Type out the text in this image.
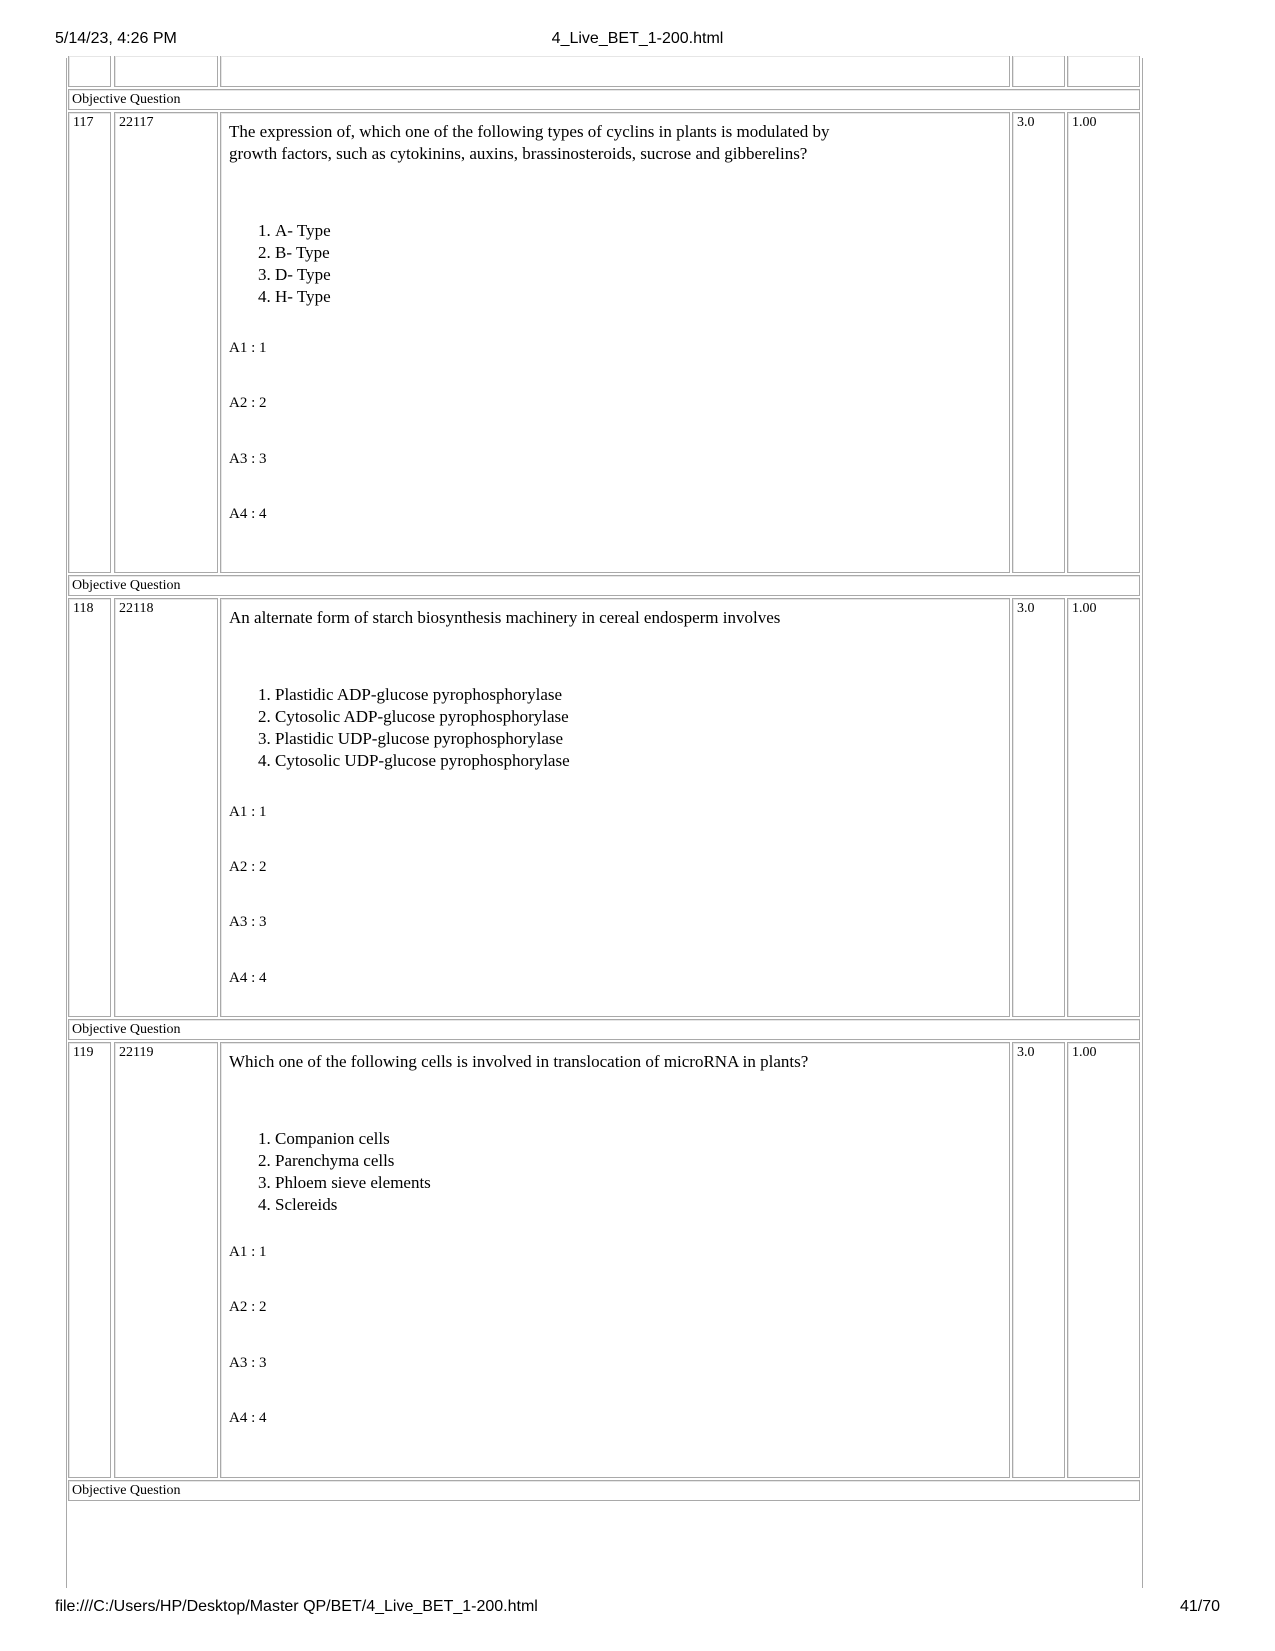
5/14/23, 4:26 PM	4_Live_BET_1-200.html
Objective Question
117	22117	The expression of, which one of the following types of cyclins in plants is modulated by growth factors, such as cytokinins, auxins, brassinosteroids, sucrose and gibberelins?

1. A- Type
2. B- Type
3. D- Type
4. H- Type

A1 : 1

A2 : 2

A3 : 3

A4 : 4

3.0	1.00
Objective Question
118	22118	An alternate form of starch biosynthesis machinery in cereal endosperm involves

1. Plastidic ADP-glucose pyrophosphorylase
2. Cytosolic ADP-glucose pyrophosphorylase
3. Plastidic UDP-glucose pyrophosphorylase
4. Cytosolic UDP-glucose pyrophosphorylase

A1 : 1

A2 : 2

A3 : 3

A4 : 4

3.0	1.00
Objective Question
119	22119	Which one of the following cells is involved in translocation of microRNA in plants?

1. Companion cells
2. Parenchyma cells
3. Phloem sieve elements
4. Sclereids

A1 : 1

A2 : 2

A3 : 3

A4 : 4

3.0	1.00
Objective Question
file:///C:/Users/HP/Desktop/Master QP/BET/4_Live_BET_1-200.html	41/70
